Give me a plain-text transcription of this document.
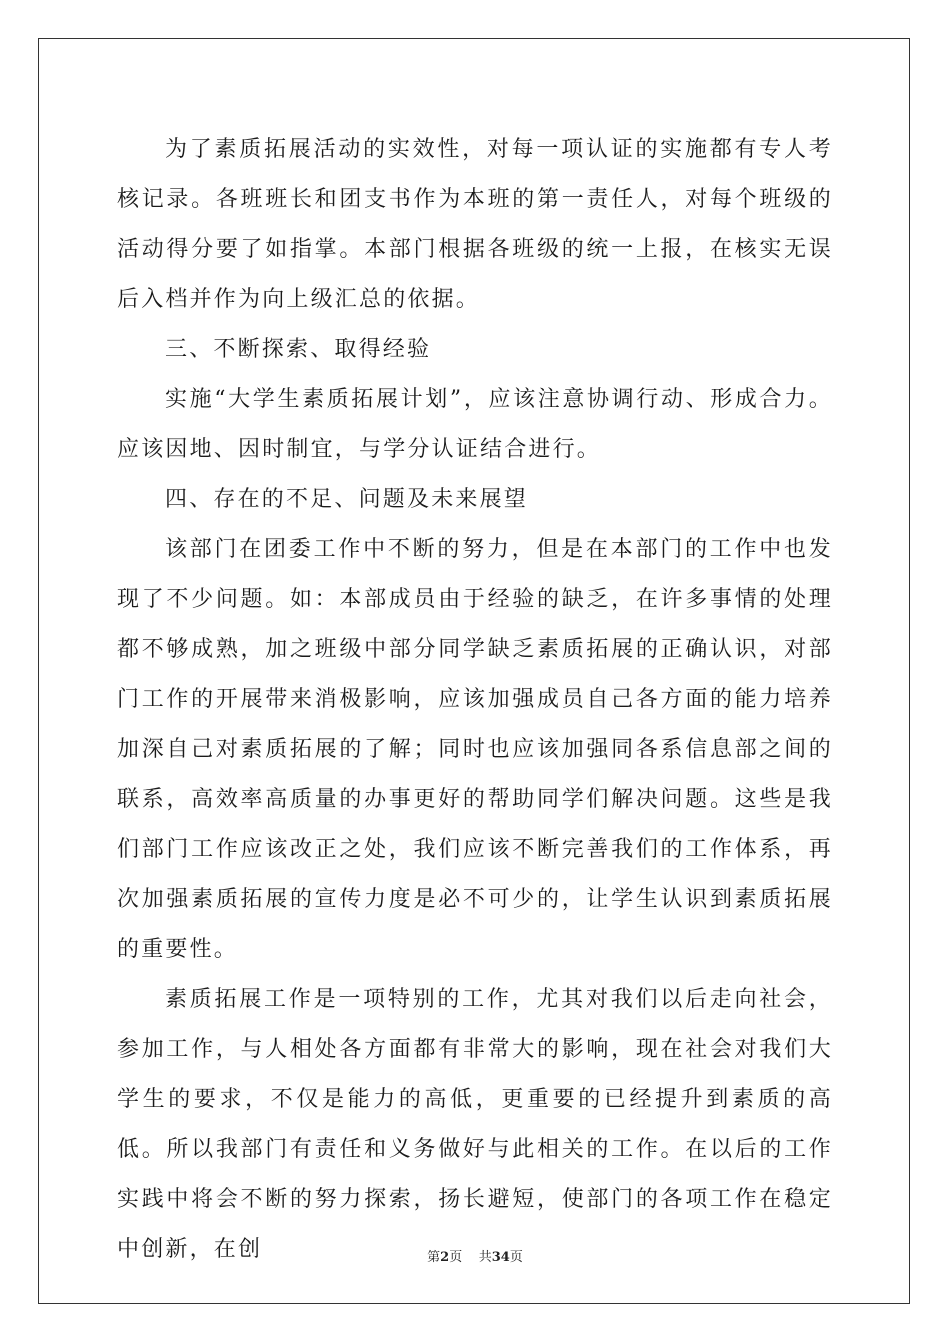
为了素质拓展活动的实效性，对每一项认证的实施都有专人考核记录。各班班长和团支书作为本班的第一责任人，对每个班级的活动得分要了如指掌。本部门根据各班级的统一上报，在核实无误后入档并作为向上级汇总的依据。

三、不断探索、取得经验

实施“大学生素质拓展计划”，应该注意协调行动、形成合力。应该因地、因时制宜，与学分认证结合进行。

四、存在的不足、问题及未来展望

该部门在团委工作中不断的努力，但是在本部门的工作中也发现了不少问题。如：本部成员由于经验的缺乏，在许多事情的处理都不够成熟，加之班级中部分同学缺乏素质拓展的正确认识，对部门工作的开展带来消极影响，应该加强成员自己各方面的能力培养加深自己对素质拓展的了解；同时也应该加强同各系信息部之间的联系，高效率高质量的办事更好的帮助同学们解决问题。这些是我们部门工作应该改正之处，我们应该不断完善我们的工作体系，再次加强素质拓展的宣传力度是必不可少的，让学生认识到素质拓展的重要性。

素质拓展工作是一项特别的工作，尤其对我们以后走向社会，参加工作，与人相处各方面都有非常大的影响，现在社会对我们大学生的要求，不仅是能力的高低，更重要的已经提升到素质的高低。所以我部门有责任和义务做好与此相关的工作。在以后的工作实践中将会不断的努力探索，扬长避短，使部门的各项工作在稳定中创新，在创	第2页 共34页
